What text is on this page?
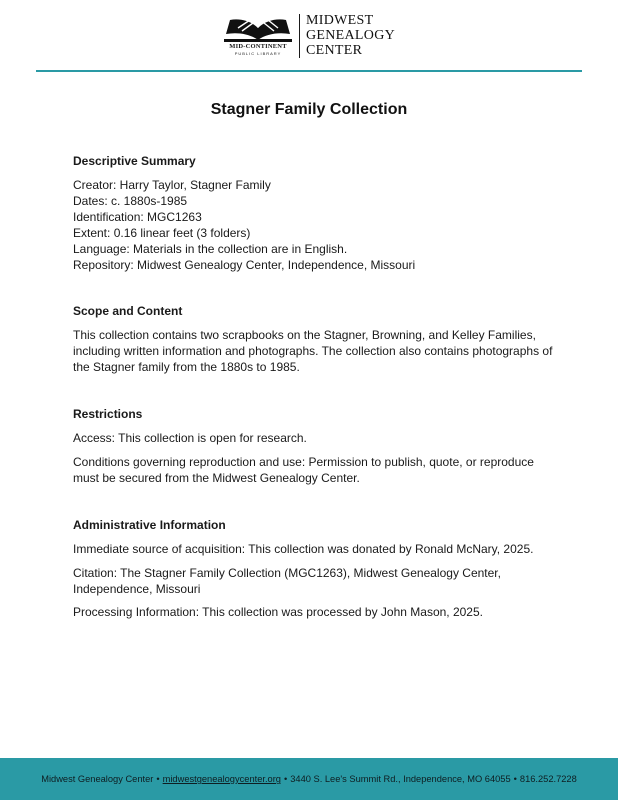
MID-CONTINENT
PUBLIC LIBRARY
MIDWEST
GENEALOGY
CENTER
Stagner Family Collection
Descriptive Summary

Creator: Harry Taylor, Stagner Family

Dates: c. 1880s-1985

Identification: MGC1263

Extent: 0.16 linear feet (3 folders)

Language: Materials in the collection are in English.

Repository: Midwest Genealogy Center, Independence, Missouri

Scope and Content

This collection contains two scrapbooks on the Stagner, Browning, and Kelley Families, including written information and photographs. The collection also contains photographs of the Stagner family from the 1880s to 1985.

Restrictions

Access: This collection is open for research.

Conditions governing reproduction and use: Permission to publish, quote, or reproduce must be secured from the Midwest Genealogy Center.

Administrative Information

Immediate source of acquisition: This collection was donated by Ronald McNary, 2025.

Citation: The Stagner Family Collection (MGC1263), Midwest Genealogy Center, Independence, Missouri

Processing Information: This collection was processed by John Mason, 2025.

Midwest Genealogy Center • midwestgenealogycenter.org • 3440 S. Lee's Summit Rd., Independence, MO 64055 • 816.252.7228
